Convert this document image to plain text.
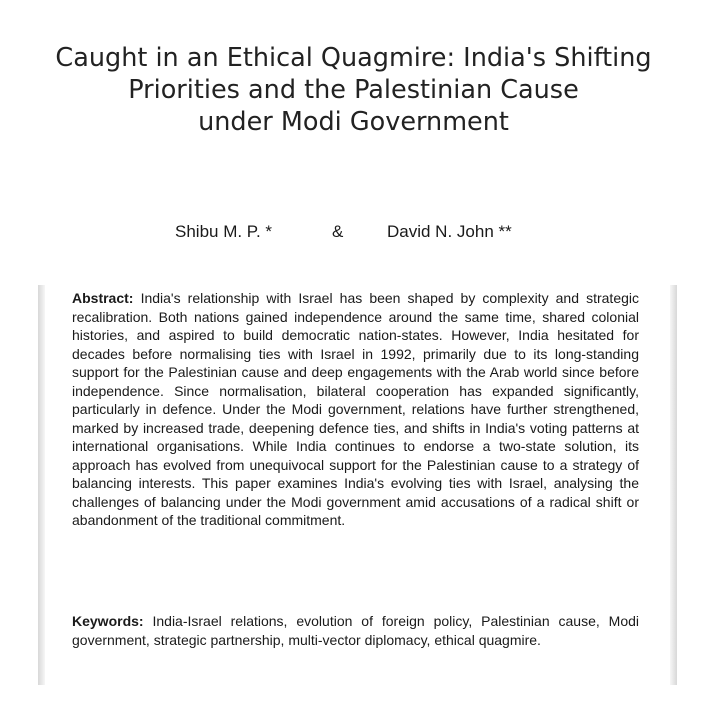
Caught in an Ethical Quagmire: India's Shifting
Priorities and the Palestinian Cause
under Modi Government
Shibu M. P. *	&	David N. John **

Abstract: India's relationship with Israel has been shaped by complexity and strategic recalibration. Both nations gained independence around the same time, shared colonial histories, and aspired to build democratic nation-states. However, India hesitated for decades before normalising ties with Israel in 1992, primarily due to its long-standing support for the Palestinian cause and deep engagements with the Arab world since before independence. Since normalisation, bilateral cooperation has expanded significantly, particularly in defence. Under the Modi government, relations have further strengthened, marked by increased trade, deepening defence ties, and shifts in India's voting patterns at international organisations. While India continues to endorse a two-state solution, its approach has evolved from unequivocal support for the Palestinian cause to a strategy of balancing interests. This paper examines India's evolving ties with Israel, analysing the challenges of balancing under the Modi government amid accusations of a radical shift or abandonment of the traditional commitment.

Keywords: India-Israel relations, evolution of foreign policy, Palestinian cause, Modi government, strategic partnership, multi-vector diplomacy, ethical quagmire.
